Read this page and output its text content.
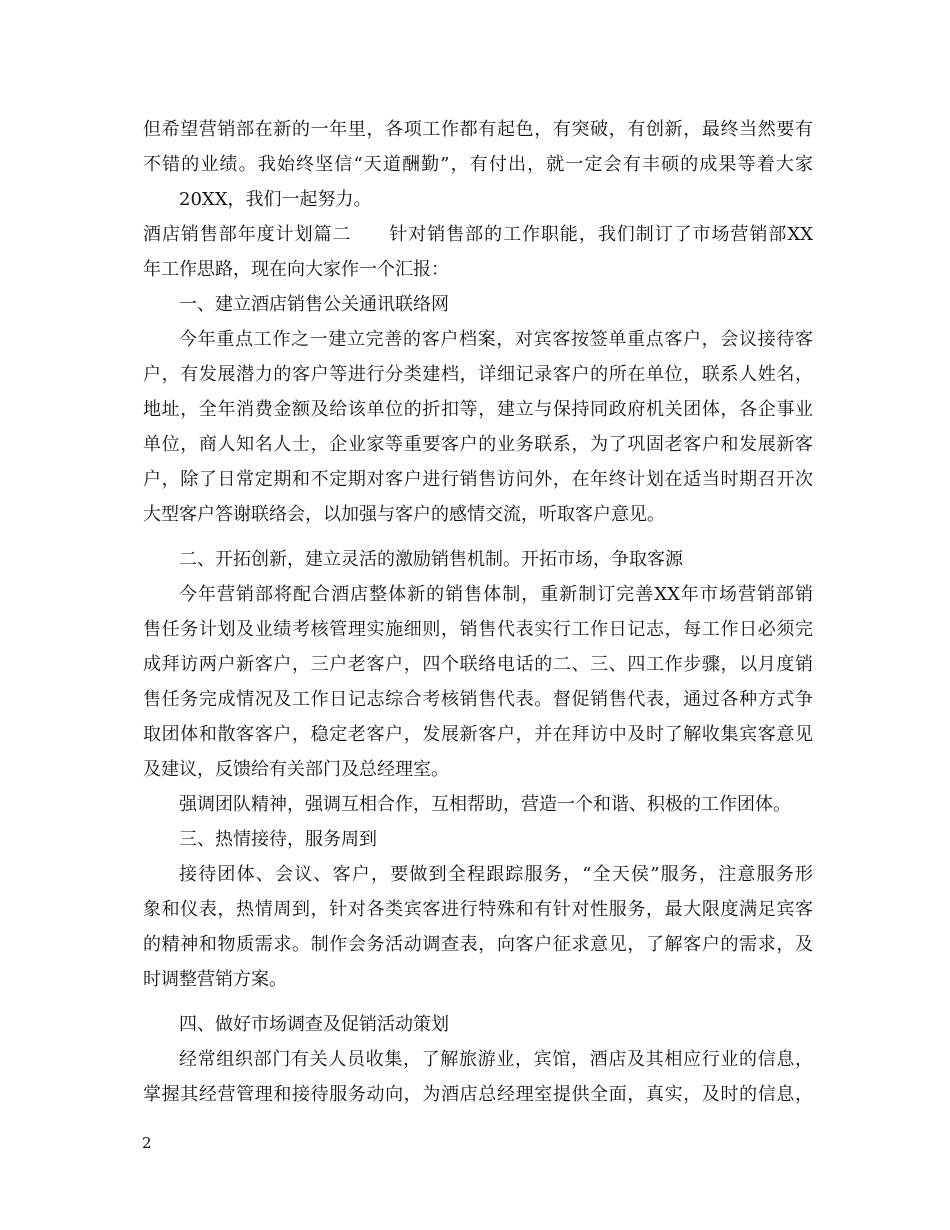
但希望营销部在新的一年里，各项工作都有起色，有突破，有创新，最终当然要有
不错的业绩。我始终坚信“天道酬勤”，有付出，就一定会有丰硕的成果等着大家
20XX，我们一起努力。
酒店销售部年度计划篇二　　针对销售部的工作职能，我们制订了市场营销部XX
年工作思路，现在向大家作一个汇报：
一、建立酒店销售公关通讯联络网
今年重点工作之一建立完善的客户档案，对宾客按签单重点客户，会议接待客
户，有发展潜力的客户等进行分类建档，详细记录客户的所在单位，联系人姓名，
地址，全年消费金额及给该单位的折扣等，建立与保持同政府机关团体，各企事业
单位，商人知名人士，企业家等重要客户的业务联系，为了巩固老客户和发展新客
户，除了日常定期和不定期对客户进行销售访问外，在年终计划在适当时期召开次
大型客户答谢联络会，以加强与客户的感情交流，听取客户意见。
二、开拓创新，建立灵活的激励销售机制。开拓市场，争取客源
今年营销部将配合酒店整体新的销售体制，重新制订完善XX年市场营销部销
售任务计划及业绩考核管理实施细则，销售代表实行工作日记志，每工作日必须完
成拜访两户新客户，三户老客户，四个联络电话的二、三、四工作步骤，以月度销
售任务完成情况及工作日记志综合考核销售代表。督促销售代表，通过各种方式争
取团体和散客客户，稳定老客户，发展新客户，并在拜访中及时了解收集宾客意见
及建议，反馈给有关部门及总经理室。
强调团队精神，强调互相合作，互相帮助，营造一个和谐、积极的工作团体。
三、热情接待，服务周到
接待团体、会议、客户，要做到全程跟踪服务，“全天侯”服务，注意服务形
象和仪表，热情周到，针对各类宾客进行特殊和有针对性服务，最大限度满足宾客
的精神和物质需求。制作会务活动调查表，向客户征求意见，了解客户的需求，及
时调整营销方案。
四、做好市场调查及促销活动策划
经常组织部门有关人员收集，了解旅游业，宾馆，酒店及其相应行业的信息，
掌握其经营管理和接待服务动向，为酒店总经理室提供全面，真实，及时的信息，
2
